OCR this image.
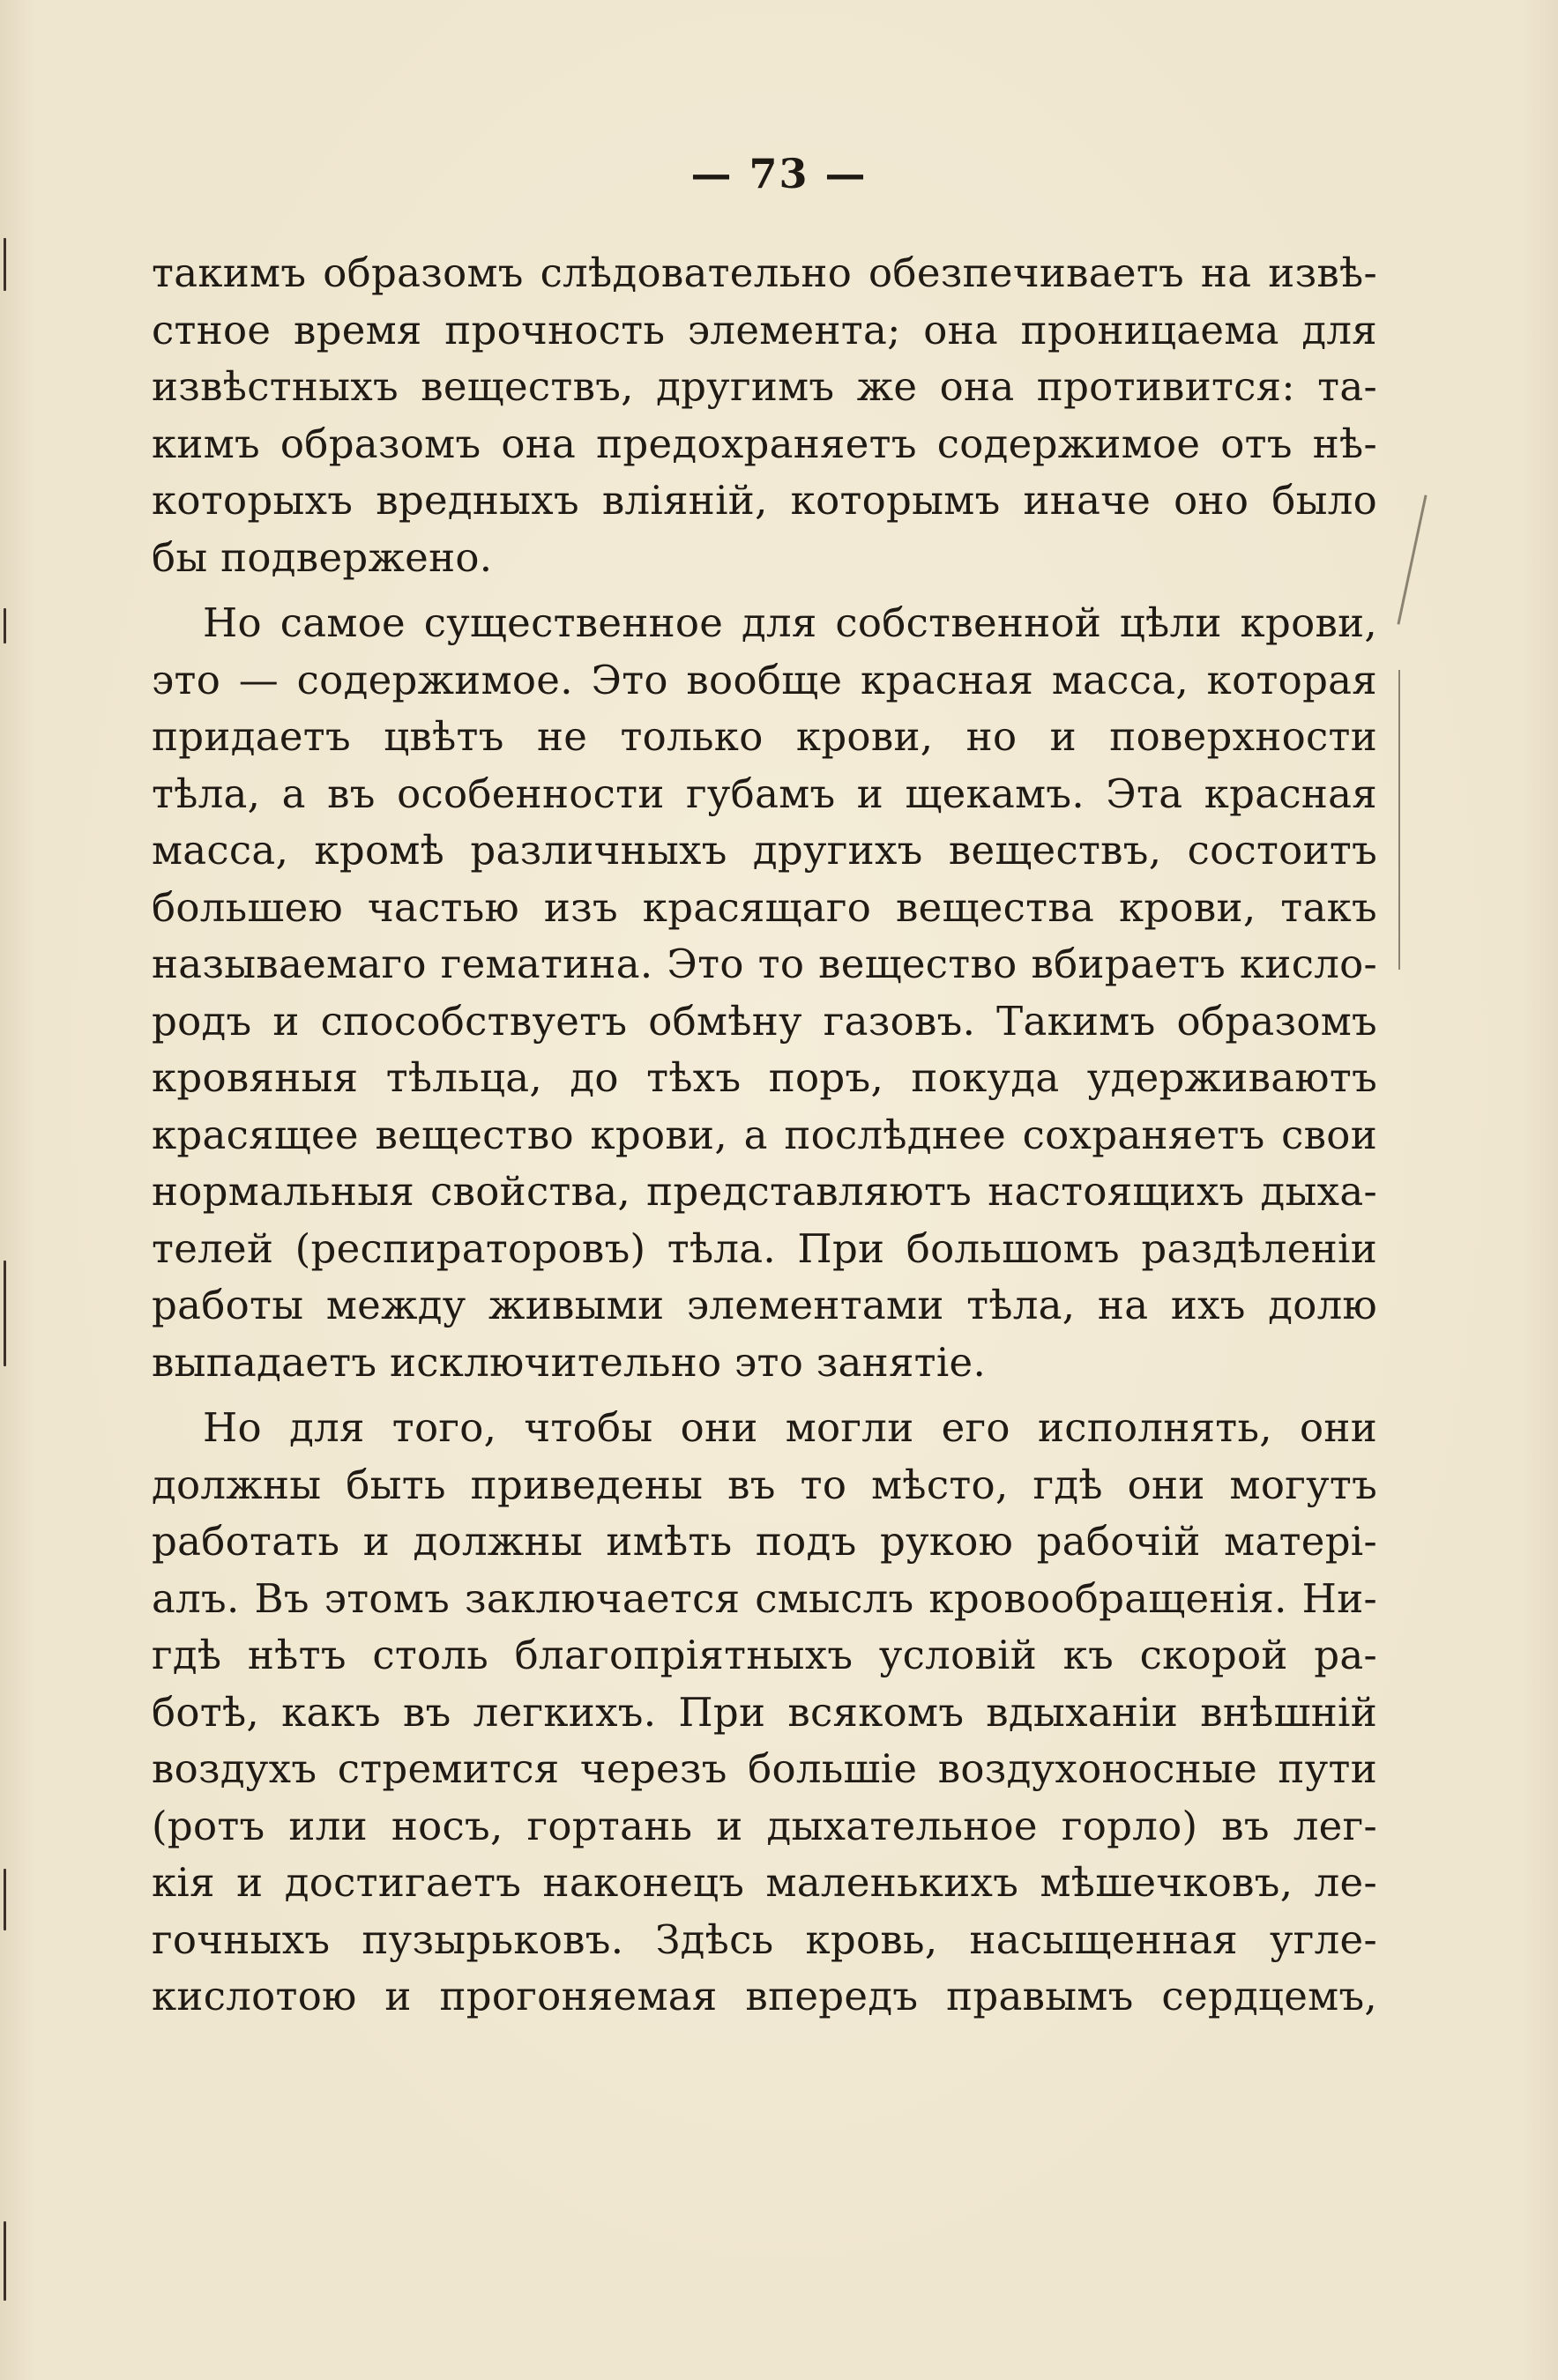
— 73 —
такимъ образомъ слѣдовательно обезпечиваетъ на извѣ-
стное время прочность элемента; она проницаема для
извѣстныхъ веществъ, другимъ же она противится: та-
кимъ образомъ она предохраняетъ содержимое отъ нѣ-
которыхъ вредныхъ вліяній, которымъ иначе оно было
бы подвержено.
Но самое существенное для собственной цѣли крови,
это — содержимое. Это вообще красная масса, которая
придаетъ цвѣтъ не только крови, но и поверхности
тѣла, а въ особенности губамъ и щекамъ. Эта красная
масса, кромѣ различныхъ другихъ веществъ, состоитъ
большею частью изъ красящаго вещества крови, такъ
называемаго гематина. Это то вещество вбираетъ кисло-
родъ и способствуетъ обмѣну газовъ. Такимъ образомъ
кровяныя тѣльца, до тѣхъ поръ, покуда удерживаютъ
красящее вещество крови, а послѣднее сохраняетъ свои
нормальныя свойства, представляютъ настоящихъ дыха-
телей (респираторовъ) тѣла. При большомъ раздѣленіи
работы между живыми элементами тѣла, на ихъ долю
выпадаетъ исключительно это занятіе.
Но для того, чтобы они могли его исполнять, они
должны быть приведены въ то мѣсто, гдѣ они могутъ
работать и должны имѣть подъ рукою рабочій матері-
алъ. Въ этомъ заключается смыслъ кровообращенія. Ни-
гдѣ нѣтъ столь благопріятныхъ условій къ скорой ра-
ботѣ, какъ въ легкихъ. При всякомъ вдыханіи внѣшній
воздухъ стремится черезъ большіе воздухоносные пути
(ротъ или носъ, гортань и дыхательное горло) въ лег-
кія и достигаетъ наконецъ маленькихъ мѣшечковъ, ле-
гочныхъ пузырьковъ. Здѣсь кровь, насыщенная угле-
кислотою и прогоняемая впередъ правымъ сердцемъ,
